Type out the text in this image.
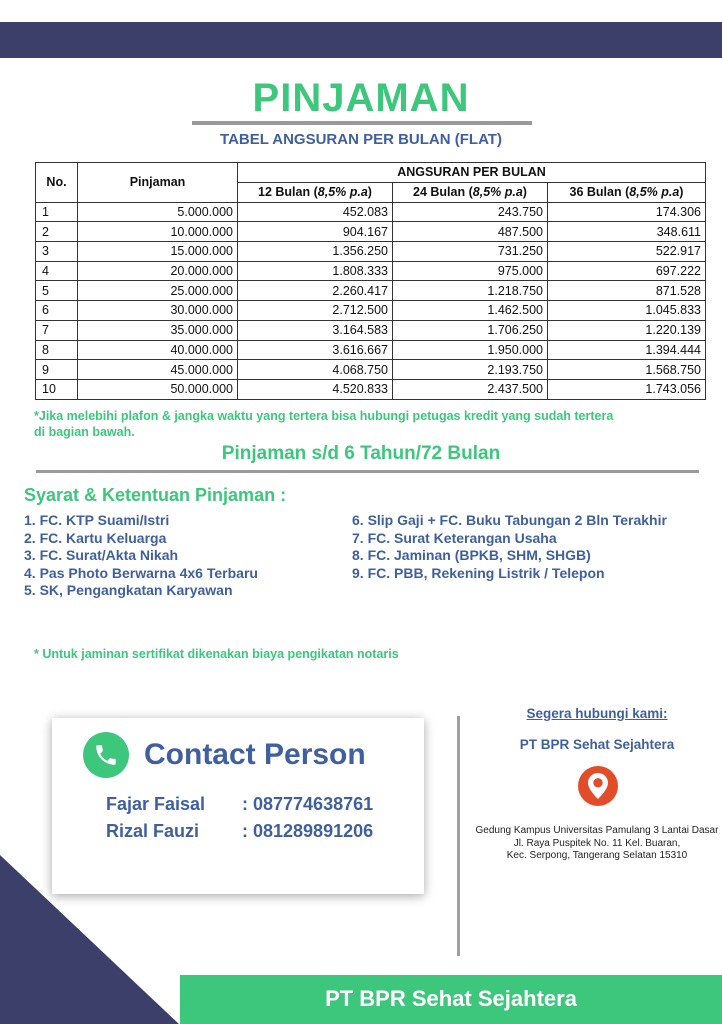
PINJAMAN
TABEL ANGSURAN PER BULAN (FLAT)
No.	Pinjaman	ANGSURAN PER BULAN		
		12 Bulan (8,5% p.a)	24 Bulan (8,5% p.a)	36 Bulan (8,5% p.a)
1	5.000.000	452.083	243.750	174.306
2	10.000.000	904.167	487.500	348.611
3	15.000.000	1.356.250	731.250	522.917
4	20.000.000	1.808.333	975.000	697.222
5	25.000.000	2.260.417	1.218.750	871.528
6	30.000.000	2.712.500	1.462.500	1.045.833
7	35.000.000	3.164.583	1.706.250	1.220.139
8	40.000.000	3.616.667	1.950.000	1.394.444
9	45.000.000	4.068.750	2.193.750	1.568.750
10	50.000.000	4.520.833	2.437.500	1.743.056
*Jika melebihi plafon & jangka waktu yang tertera bisa hubungi petugas kredit yang sudah tertera di bagian bawah.
Pinjaman s/d 6 Tahun/72 Bulan
Syarat & Ketentuan Pinjaman :
1. FC. KTP Suami/Istri
2. FC. Kartu Keluarga
3. FC. Surat/Akta Nikah
4. Pas Photo Berwarna 4x6 Terbaru
5. SK, Pengangkatan Karyawan
6. Slip Gaji + FC. Buku Tabungan 2 Bln Terakhir
7. FC. Surat Keterangan Usaha
8. FC. Jaminan (BPKB, SHM, SHGB)
9. FC. PBB, Rekening Listrik / Telepon
* Untuk jaminan sertifikat dikenakan biaya pengikatan notaris
Contact Person
Fajar Faisal : 087774638761
Rizal Fauzi : 081289891206
Segera hubungi kami:
PT BPR Sehat Sejahtera
Gedung Kampus Universitas Pamulang 3 Lantai Dasar
Jl. Raya Puspitek No. 11 Kel. Buaran,
Kec. Serpong, Tangerang Selatan 15310
PT BPR Sehat Sejahtera
